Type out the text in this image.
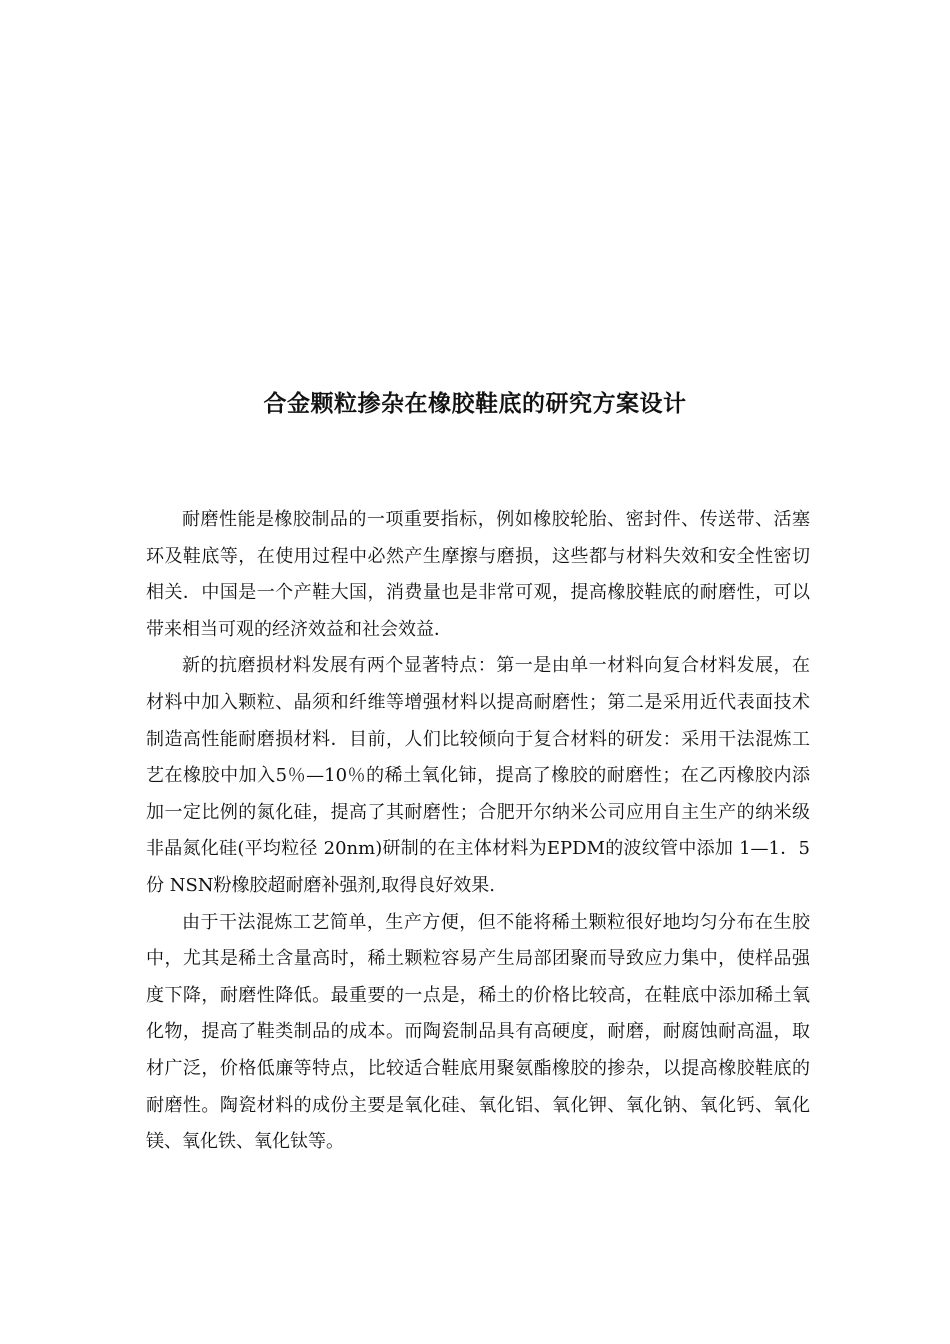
合金颗粒掺杂在橡胶鞋底的研究方案设计

耐磨性能是橡胶制品的一项重要指标，例如橡胶轮胎、密封件、传送带、活塞环及鞋底等，在使用过程中必然产生摩擦与磨损，这些都与材料失效和安全性密切相关．中国是一个产鞋大国，消费量也是非常可观，提高橡胶鞋底的耐磨性，可以带来相当可观的经济效益和社会效益．

新的抗磨损材料发展有两个显著特点：第一是由单一材料向复合材料发展，在材料中加入颗粒、晶须和纤维等增强材料以提高耐磨性；第二是采用近代表面技术制造高性能耐磨损材料．目前，人们比较倾向于复合材料的研发：采用干法混炼工艺在橡胶中加入5％—10％的稀土氧化铈，提高了橡胶的耐磨性；在乙丙橡胶内添加一定比例的氮化硅，提高了其耐磨性；合肥开尔纳米公司应用自主生产的纳米级非晶氮化硅(平均粒径 20nm)研制的在主体材料为EPDM的波纹管中添加 1—1．5份 NSN粉橡胶超耐磨补强剂,取得良好效果.

由于干法混炼工艺简单，生产方便，但不能将稀土颗粒很好地均匀分布在生胶中，尤其是稀土含量高时，稀土颗粒容易产生局部团聚而导致应力集中，使样品强度下降，耐磨性降低。最重要的一点是，稀土的价格比较高，在鞋底中添加稀土氧化物，提高了鞋类制品的成本。而陶瓷制品具有高硬度，耐磨，耐腐蚀耐高温，取材广泛，价格低廉等特点，比较适合鞋底用聚氨酯橡胶的掺杂，以提高橡胶鞋底的耐磨性。陶瓷材料的成份主要是氧化硅、氧化铝、氧化钾、氧化钠、氧化钙、氧化镁、氧化铁、氧化钛等。
